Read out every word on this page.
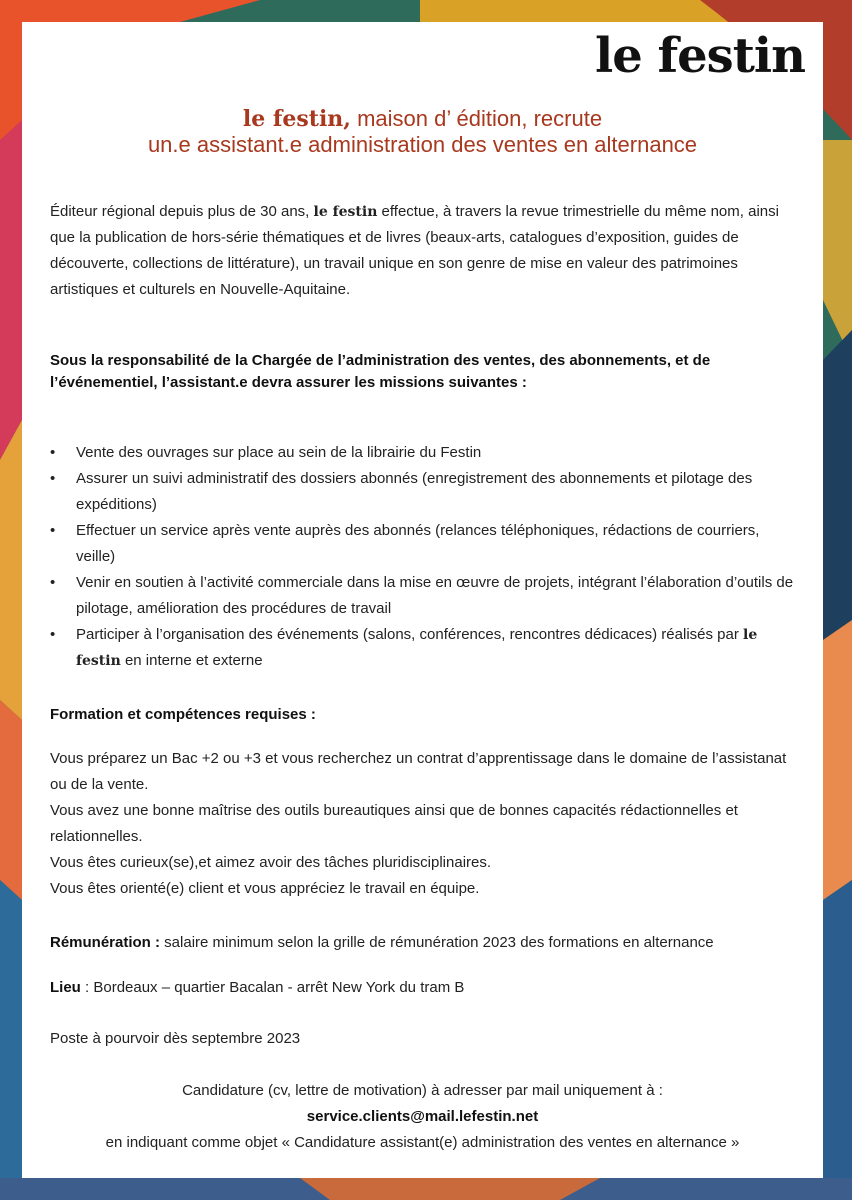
le festin
le festin, maison d’ édition, recrute
un.e assistant.e administration des ventes en alternance
Éditeur régional depuis plus de 30 ans, le festin effectue, à travers la revue trimestrielle du même nom, ainsi que la publication de hors-série thématiques et de livres (beaux-arts, catalogues d’exposition, guides de découverte, collections de littérature), un travail unique en son genre de mise en valeur des patrimoines artistiques et culturels en Nouvelle-Aquitaine.
Sous la responsabilité de la Chargée de l’administration des ventes, des abonnements, et de l’événementiel, l’assistant.e devra assurer les missions suivantes :
• Vente des ouvrages sur place au sein de la librairie du Festin
• Assurer un suivi administratif des dossiers abonnés (enregistrement des abonnements et pilotage des expéditions)
• Effectuer un service après vente auprès des abonnés (relances téléphoniques, rédactions de courriers, veille)
• Venir en soutien à l’activité commerciale dans la mise en œuvre de projets, intégrant l’élaboration d’outils de pilotage, amélioration des procédures de travail
• Participer à l’organisation des événements (salons, conférences, rencontres dédicaces) réalisés par le festin en interne et externe
Formation et compétences requises :

Vous préparez un Bac +2 ou +3 et vous recherchez un contrat d’apprentissage dans le domaine de l’assistanat ou de la vente.

Vous avez une bonne maîtrise des outils bureautiques ainsi que de bonnes capacités rédactionnelles et relationnelles.

Vous êtes curieux(se),et aimez avoir des tâches pluridisciplinaires.

Vous êtes orienté(e) client et vous appréciez le travail en équipe.

Rémunération : salaire minimum selon la grille de rémunération 2023 des formations en alternance
Lieu : Bordeaux – quartier Bacalan - arrêt New York du tram B
Poste à pourvoir dès septembre 2023
Candidature (cv, lettre de motivation) à adresser par mail uniquement à :
service.clients@mail.lefestin.net
en indiquant comme objet « Candidature assistant(e) administration des ventes en alternance »
